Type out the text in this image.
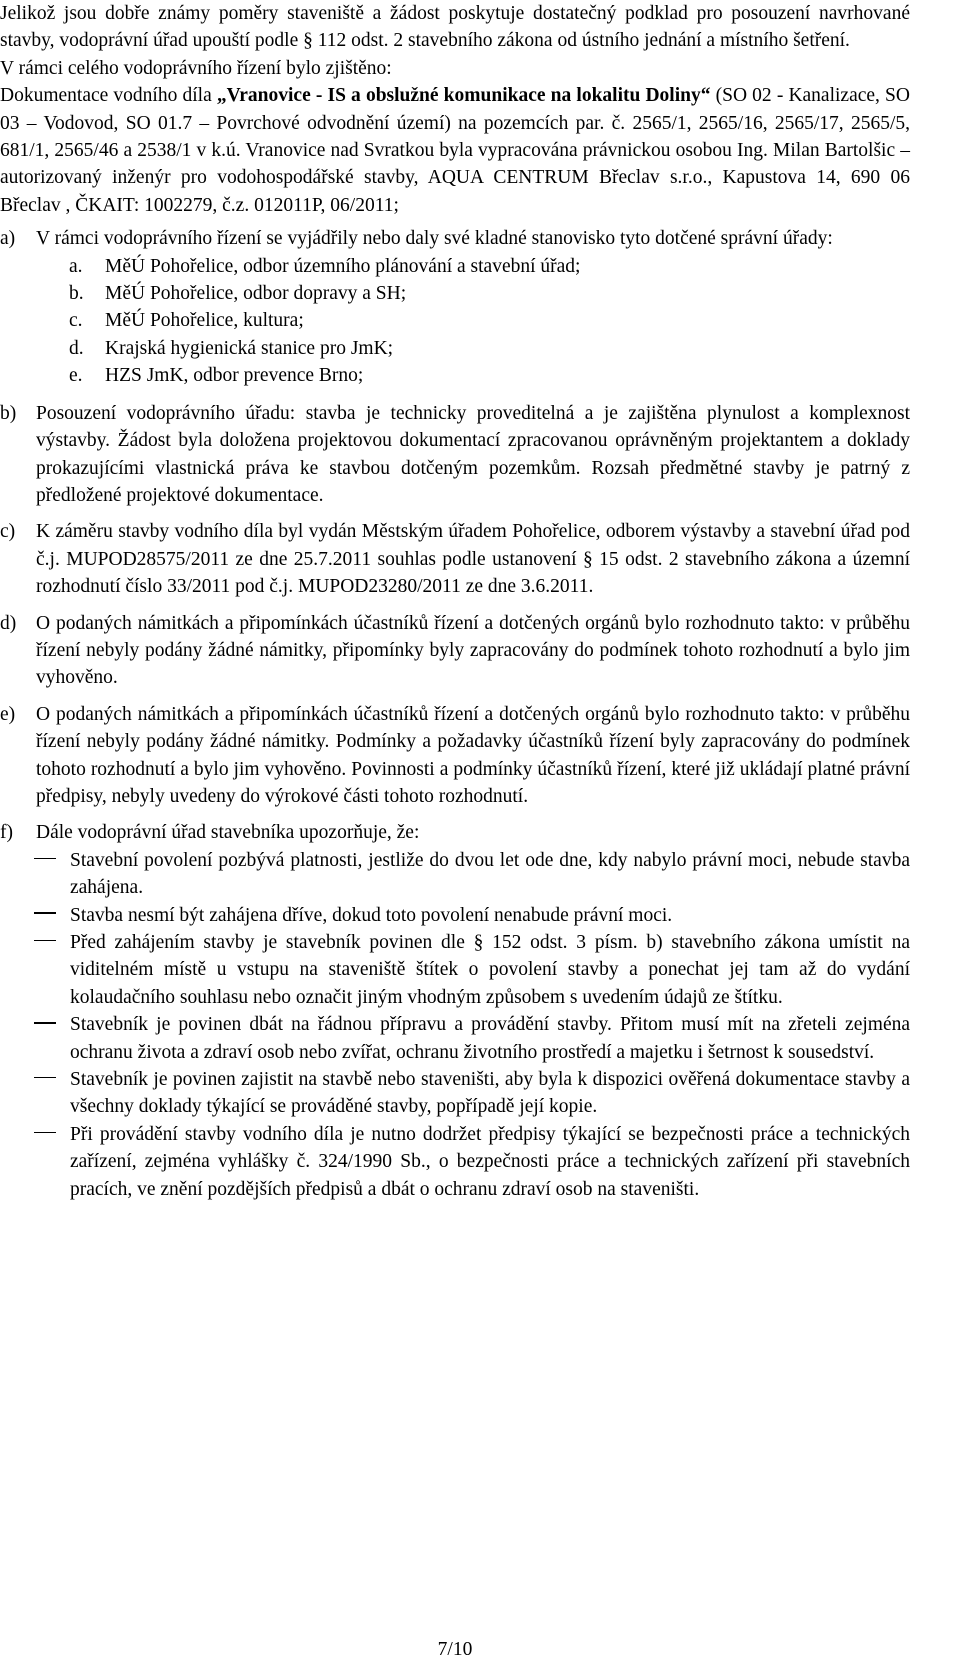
Jelikož jsou dobře známy poměry staveniště a žádost poskytuje dostatečný podklad pro posouzení navrhované stavby, vodoprávní úřad upouští podle § 112 odst. 2 stavebního zákona od ústního jednání a místního šetření.

V rámci celého vodoprávního řízení bylo zjištěno:

Dokumentace vodního díla „Vranovice - IS a obslužné komunikace na lokalitu Doliny“ (SO 02 - Kanalizace, SO 03 – Vodovod, SO 01.7 – Povrchové odvodnění území) na pozemcích par. č. 2565/1, 2565/16, 2565/17, 2565/5, 681/1, 2565/46 a 2538/1 v k.ú. Vranovice nad Svratkou byla vypracována právnickou osobou Ing. Milan Bartolšic – autorizovaný inženýr pro vodohospodářské stavby, AQUA CENTRUM Břeclav s.r.o., Kapustova 14, 690 06 Břeclav , ČKAIT: 1002279, č.z. 012011P, 06/2011;

a)	V rámci vodoprávního řízení se vyjádřily nebo daly své kladné stanovisko tyto dotčené správní úřady:

a.	MěÚ Pohořelice, odbor územního plánování a stavební úřad;
b.	MěÚ Pohořelice, odbor dopravy a SH;
c.	MěÚ Pohořelice, kultura;
d.	Krajská hygienická stanice pro JmK;
e.	HZS JmK, odbor prevence Brno;
b)	Posouzení vodoprávního úřadu: stavba je technicky proveditelná a je zajištěna plynulost a komplexnost výstavby. Žádost byla doložena projektovou dokumentací zpracovanou oprávněným projektantem a doklady prokazujícími vlastnická práva ke stavbou dotčeným pozemkům. Rozsah předmětné stavby je patrný z předložené projektové dokumentace.

c)	K záměru stavby vodního díla byl vydán Městským úřadem Pohořelice, odborem výstavby a stavební úřad pod č.j. MUPOD28575/2011 ze dne 25.7.2011 souhlas podle ustanovení § 15 odst. 2 stavebního zákona a územní rozhodnutí číslo 33/2011 pod č.j. MUPOD23280/2011 ze dne 3.6.2011.

d)	O podaných námitkách a připomínkách účastníků řízení a dotčených orgánů bylo rozhodnuto takto: v průběhu řízení nebyly podány žádné námitky, připomínky byly zapracovány do podmínek tohoto rozhodnutí a bylo jim vyhověno.

e)	O podaných námitkách a připomínkách účastníků řízení a dotčených orgánů bylo rozhodnuto takto: v průběhu řízení nebyly podány žádné námitky. Podmínky a požadavky účastníků řízení byly zapracovány do podmínek tohoto rozhodnutí a bylo jim vyhověno. Povinnosti a podmínky účastníků řízení, které již ukládají platné právní předpisy, nebyly uvedeny do výrokové části tohoto rozhodnutí.

f)	Dále vodoprávní úřad stavebníka upozorňuje, že:

Stavební povolení pozbývá platnosti, jestliže do dvou let ode dne, kdy nabylo právní moci, nebude stavba zahájena.

Stavba nesmí být zahájena dříve, dokud toto povolení nenabude právní moci.

Před zahájením stavby je stavebník povinen dle § 152 odst. 3 písm. b) stavebního zákona umístit na viditelném místě u vstupu na staveniště štítek o povolení stavby a ponechat jej tam až do vydání kolaudačního souhlasu nebo označit jiným vhodným způsobem s uvedením údajů ze štítku.

Stavebník je povinen dbát na řádnou přípravu a provádění stavby. Přitom musí mít na zřeteli zejména ochranu života a zdraví osob nebo zvířat, ochranu životního prostředí a majetku i šetrnost k sousedství.

Stavebník je povinen zajistit na stavbě nebo staveništi, aby byla k dispozici ověřená dokumentace stavby a všechny doklady týkající se prováděné stavby, popřípadě její kopie.

Při provádění stavby vodního díla je nutno dodržet předpisy týkající se bezpečnosti práce a technických zařízení, zejména vyhlášky č. 324/1990 Sb., o bezpečnosti práce a technických zařízení při stavebních pracích, ve znění pozdějších předpisů a dbát o ochranu zdraví osob na staveništi.

7/10
